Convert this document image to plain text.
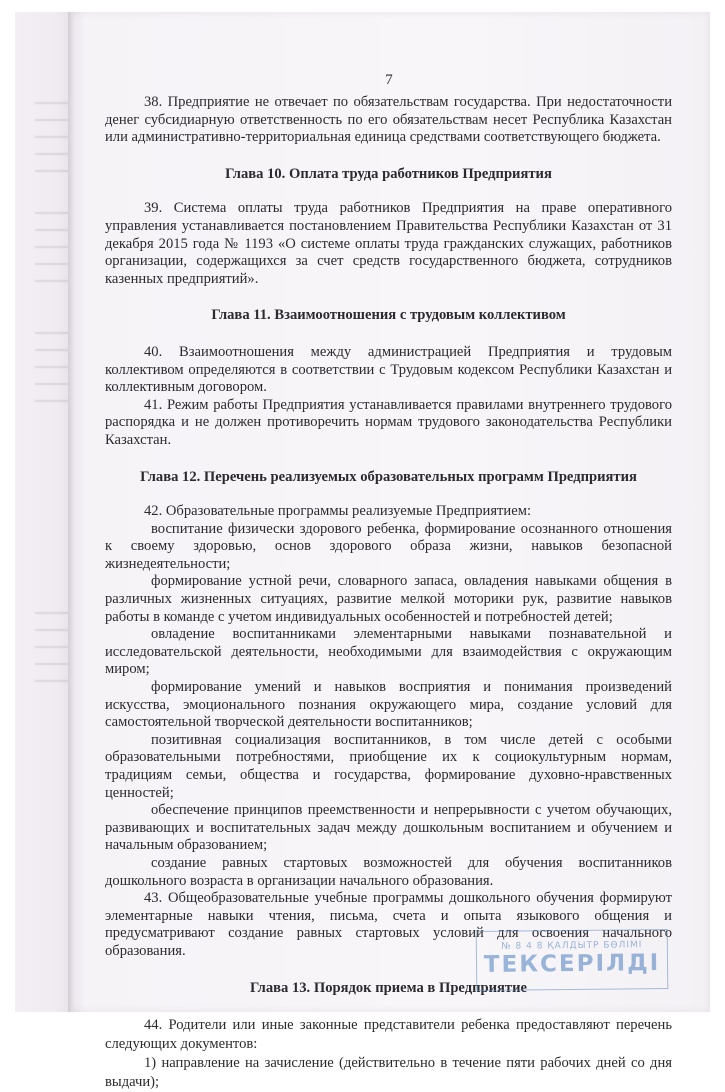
7

38. Предприятие не отвечает по обязательствам государства. При недостаточности денег субсидиарную ответственность по его обязательствам несет Республика Казахстан или административно-территориальная единица средствами соответствующего бюджета.

Глава 10. Оплата труда работников Предприятия

39. Система оплаты труда работников Предприятия на праве оперативного управления устанавливается постановлением Правительства Республики Казахстан от 31 декабря 2015 года № 1193 «О системе оплаты труда гражданских служащих, работников организации, содержащихся за счет средств государственного бюджета, сотрудников казенных предприятий».

Глава 11. Взаимоотношения с трудовым коллективом

40. Взаимоотношения между администрацией Предприятия и трудовым коллективом определяются в соответствии с Трудовым кодексом Республики Казахстан и коллективным договором.

41. Режим работы Предприятия устанавливается правилами внутреннего трудового распорядка и не должен противоречить нормам трудового законодательства Республики Казахстан.

Глава 12. Перечень реализуемых образовательных программ Предприятия

42. Образовательные программы реализуемые Предприятием:

воспитание физически здорового ребенка, формирование осознанного отношения к своему здоровью, основ здорового образа жизни, навыков безопасной жизнедеятельности;

формирование устной речи, словарного запаса, овладения навыками общения в различных жизненных ситуациях, развитие мелкой моторики рук, развитие навыков работы в команде с учетом индивидуальных особенностей и потребностей детей;

овладение воспитанниками элементарными навыками познавательной и исследовательской деятельности, необходимыми для взаимодействия с окружающим миром;

формирование умений и навыков восприятия и понимания произведений искусства, эмоционального познания окружающего мира, создание условий для самостоятельной творческой деятельности воспитанников;

позитивная социализация воспитанников, в том числе детей с особыми образовательными потребностями, приобщение их к социокультурным нормам, традициям семьи, общества и государства, формирование духовно-нравственных ценностей;

обеспечение принципов преемственности и непрерывности с учетом обучающих, развивающих и воспитательных задач между дошкольным воспитанием и обучением и начальным образованием;

создание равных стартовых возможностей для обучения воспитанников дошкольного возраста в организации начального образования.

43. Общеобразовательные учебные программы дошкольного обучения формируют элементарные навыки чтения, письма, счета и опыта языкового общения и предусматривают создание равных стартовых условий для освоения начального образования.

Глава 13. Порядок приема в Предприятие

44. Родители или иные законные представители ребенка предоставляют перечень следующих документов:

1) направление на зачисление (действительно в течение пяти рабочих дней со дня выдачи);

№ 8 4 8 ҚАЛДЫТР БӨЛІМІ
ТЕКСЕРІЛДІ
